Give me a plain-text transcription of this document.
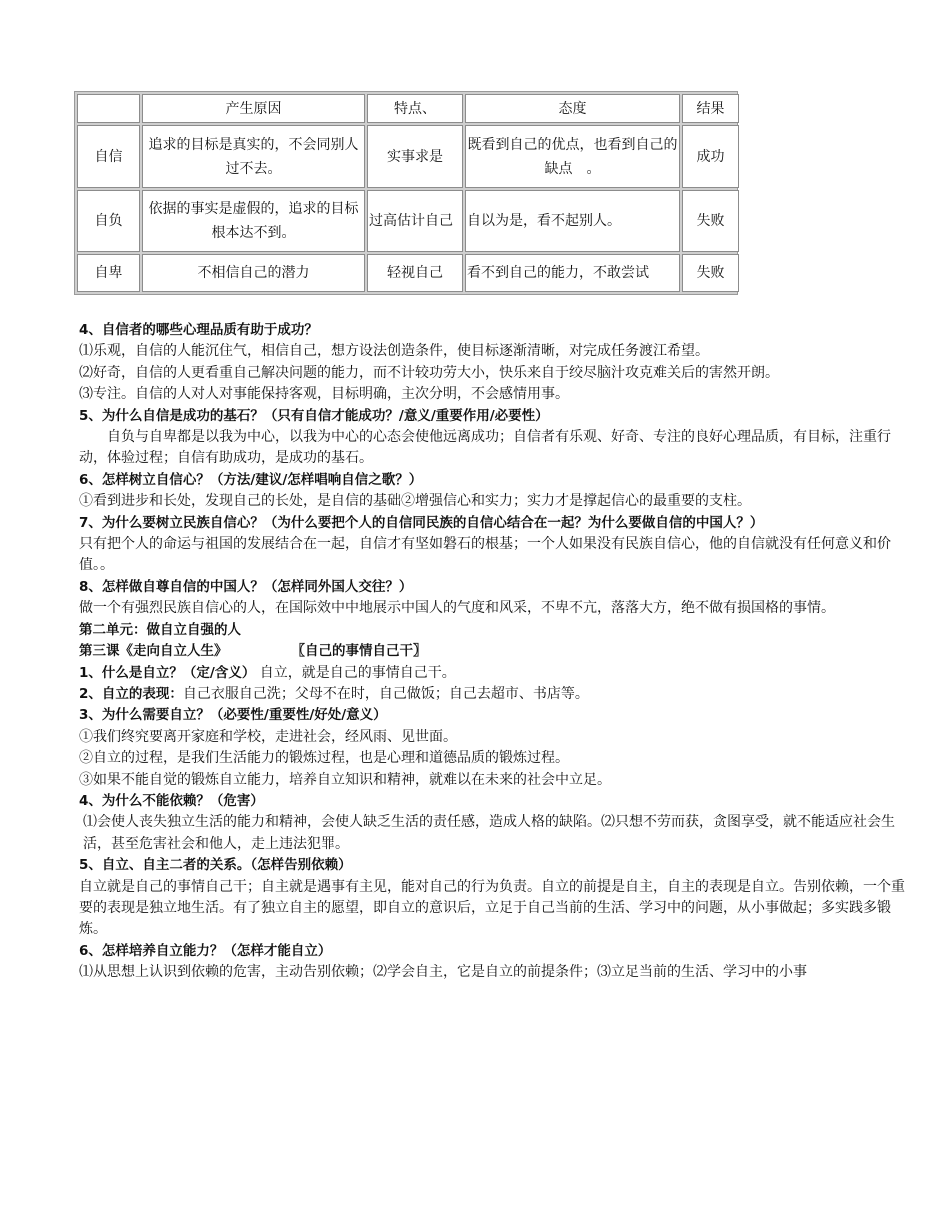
	产生原因	特点、	态度	结果
自信	追求的目标是真实的，不会同别人过不去。	实事求是	既看到自己的优点，也看到自己的缺点　。	成功
自负	依据的事实是虚假的，追求的目标根本达不到。	过高估计自己	自以为是，看不起别人。	失败
自卑	不相信自己的潜力	轻视自己	看不到自己的能力，不敢尝试	失败

4、自信者的哪些心理品质有助于成功？

⑴乐观，自信的人能沉住气，相信自己，想方设法创造条件，使目标逐渐清晰，对完成任务渡江希望。

⑵好奇，自信的人更看重自己解决问题的能力，而不计较功劳大小，快乐来自于绞尽脑汁攻克难关后的害然开朗。

⑶专注。自信的人对人对事能保持客观，目标明确，主次分明，不会感情用事。

5、为什么自信是成功的基石？（只有自信才能成功？/意义/重要作用/必要性）

自负与自卑都是以我为中心，以我为中心的心态会使他远离成功；自信者有乐观、好奇、专注的良好心理品质，有目标，注重行动，体验过程；自信有助成功，是成功的基石。

6、怎样树立自信心？（方法/建议/怎样唱响自信之歌？）

①看到进步和长处，发现自己的长处，是自信的基础②增强信心和实力；实力才是撑起信心的最重要的支柱。

7、为什么要树立民族自信心？（为什么要把个人的自信同民族的自信心结合在一起？为什么要做自信的中国人？）

只有把个人的命运与祖国的发展结合在一起，自信才有坚如磐石的根基；一个人如果没有民族自信心，他的自信就没有任何意义和价值。。

8、怎样做自尊自信的中国人？（怎样同外国人交往？）

做一个有强烈民族自信心的人，在国际效中中地展示中国人的气度和风采，不卑不亢，落落大方，绝不做有损国格的事情。

第二单元：做自立自强的人

第三课《走向自立人生》	〖自己的事情自己干〗

1、什么是自立？（定/含义） 自立，就是自己的事情自己干。

2、自立的表现：自己衣服自己洗；父母不在时，自己做饭；自己去超市、书店等。

3、为什么需要自立？（必要性/重要性/好处/意义）

①我们终究要离开家庭和学校，走进社会，经风雨、见世面。

②自立的过程，是我们生活能力的锻炼过程，也是心理和道德品质的锻炼过程。

③如果不能自觉的锻炼自立能力，培养自立知识和精神，就难以在未来的社会中立足。

4、为什么不能依赖？（危害）

⑴会使人丧失独立生活的能力和精神，会使人缺乏生活的责任感，造成人格的缺陷。⑵只想不劳而获，贪图享受，就不能适应社会生活，甚至危害社会和他人，走上违法犯罪。

5、自立、自主二者的关系。（怎样告别依赖）

自立就是自己的事情自己干；自主就是遇事有主见，能对自己的行为负责。自立的前提是自主，自主的表现是自立。告别依赖，一个重要的表现是独立地生活。有了独立自主的愿望，即自立的意识后，立足于自己当前的生活、学习中的问题，从小事做起；多实践多锻炼。

6、怎样培养自立能力？（怎样才能自立）

⑴从思想上认识到依赖的危害，主动告别依赖；⑵学会自主，它是自立的前提条件；⑶立足当前的生活、学习中的小事
